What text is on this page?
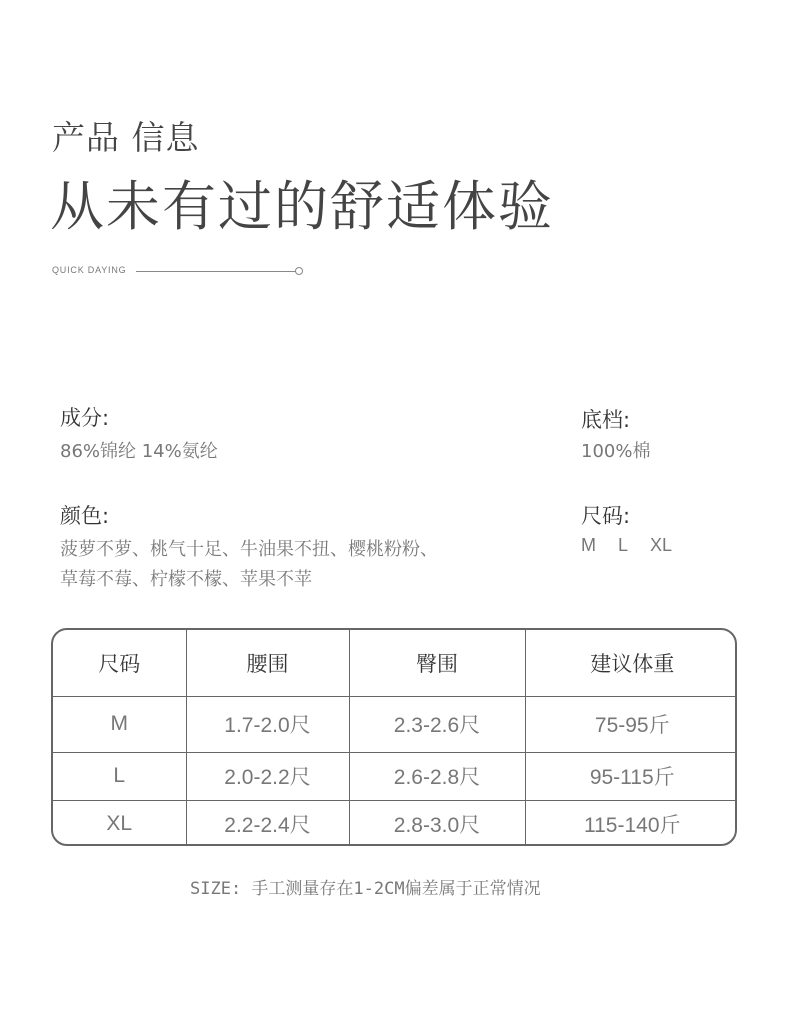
产品 信息
从未有过的舒适体验
QUICK DAYING
成分:
86%锦纶 14%氨纶
底档:
100%棉
颜色:
菠萝不萝、桃气十足、牛油果不扭、樱桃粉粉、
草莓不莓、柠檬不檬、苹果不苹
尺码:
M L XL
尺码	腰围	臀围	建议体重
M	1.7-2.0尺	2.3-2.6尺	75-95斤
L	2.0-2.2尺	2.6-2.8尺	95-115斤
XL	2.2-2.4尺	2.8-3.0尺	115-140斤
SIZE: 手工测量存在1-2CM偏差属于正常情况
